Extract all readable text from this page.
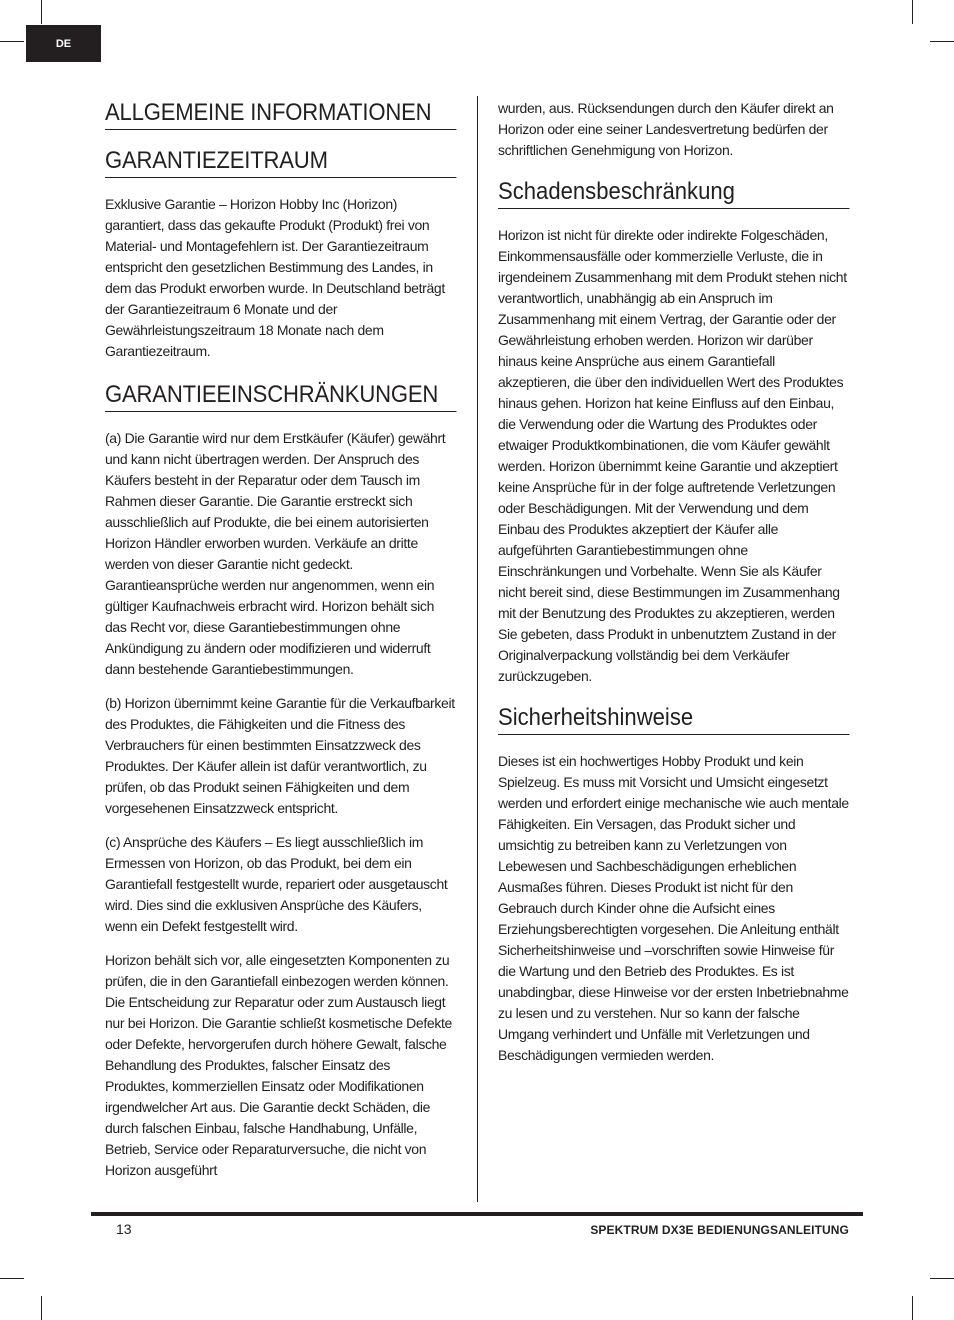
DE
ALLGEMEINE INFORMATIONEN
GARANTIEZEITRAUM

Exklusive Garantie – Horizon Hobby Inc (Horizon) garantiert, dass das gekaufte Produkt (Produkt) frei von Material- und Montagefehlern ist. Der Garantiezeitraum entspricht den gesetzlichen Bestimmung des Landes, in dem das Produkt erworben wurde. In Deutschland beträgt der Garantiezeitraum 6 Monate und der Gewährleistungszeitraum 18 Monate nach dem Garantiezeitraum.

GARANTIEEINSCHRÄNKUNGEN

(a) Die Garantie wird nur dem Erstkäufer (Käufer) gewährt und kann nicht übertragen werden. Der Anspruch des Käufers besteht in der Reparatur oder dem Tausch im Rahmen dieser Garantie. Die Garantie erstreckt sich ausschließlich auf Produkte, die bei einem autorisierten Horizon Händler erworben wurden. Verkäufe an dritte werden von dieser Garantie nicht gedeckt. Garantieansprüche werden nur angenommen, wenn ein gültiger Kaufnachweis erbracht wird. Horizon behält sich das Recht vor, diese Garantiebestimmungen ohne Ankündigung zu ändern oder modifizieren und widerruft dann bestehende Garantiebestimmungen.

(b) Horizon übernimmt keine Garantie für die Verkaufbarkeit des Produktes, die Fähigkeiten und die Fitness des Verbrauchers für einen bestimmten Einsatzzweck des Produktes. Der Käufer allein ist dafür verantwortlich, zu prüfen, ob das Produkt seinen Fähigkeiten und dem vorgesehenen Einsatzzweck entspricht.

(c) Ansprüche des Käufers – Es liegt ausschließlich im Ermessen von Horizon, ob das Produkt, bei dem ein Garantiefall festgestellt wurde, repariert oder ausgetauscht wird. Dies sind die exklusiven Ansprüche des Käufers, wenn ein Defekt festgestellt wird.

Horizon behält sich vor, alle eingesetzten Komponenten zu prüfen, die in den Garantiefall einbezogen werden können. Die Entscheidung zur Reparatur oder zum Austausch liegt nur bei Horizon. Die Garantie schließt kosmetische Defekte oder Defekte, hervorgerufen durch höhere Gewalt, falsche Behandlung des Produktes, falscher Einsatz des Produktes, kommerziellen Einsatz oder Modifikationen irgendwelcher Art aus. Die Garantie deckt Schäden, die durch falschen Einbau, falsche Handhabung, Unfälle, Betrieb, Service oder Reparaturversuche, die nicht von Horizon ausgeführt

wurden, aus. Rücksendungen durch den Käufer direkt an Horizon oder eine seiner Landesvertretung bedürfen der schriftlichen Genehmigung von Horizon.

Schadensbeschränkung

Horizon ist nicht für direkte oder indirekte Folgeschäden, Einkommensausfälle oder kommerzielle Verluste, die in irgendeinem Zusammenhang mit dem Produkt stehen nicht verantwortlich, unabhängig ab ein Anspruch im Zusammenhang mit einem Vertrag, der Garantie oder der Gewährleistung erhoben werden. Horizon wir darüber hinaus keine Ansprüche aus einem Garantiefall akzeptieren, die über den individuellen Wert des Produktes hinaus gehen. Horizon hat keine Einfluss auf den Einbau, die Verwendung oder die Wartung des Produktes oder etwaiger Produktkombinationen, die vom Käufer gewählt werden. Horizon übernimmt keine Garantie und akzeptiert keine Ansprüche für in der folge auftretende Verletzungen oder Beschädigungen. Mit der Verwendung und dem Einbau des Produktes akzeptiert der Käufer alle aufgeführten Garantiebestimmungen ohne Einschränkungen und Vorbehalte. Wenn Sie als Käufer nicht bereit sind, diese Bestimmungen im Zusammenhang mit der Benutzung des Produktes zu akzeptieren, werden Sie gebeten, dass Produkt in unbenutztem Zustand in der Originalverpackung vollständig bei dem Verkäufer zurückzugeben.

Sicherheitshinweise

Dieses ist ein hochwertiges Hobby Produkt und kein Spielzeug. Es muss mit Vorsicht und Umsicht eingesetzt werden und erfordert einige mechanische wie auch mentale Fähigkeiten. Ein Versagen, das Produkt sicher und umsichtig zu betreiben kann zu Verletzungen von Lebewesen und Sachbeschädigungen erheblichen Ausmaßes führen. Dieses Produkt ist nicht für den Gebrauch durch Kinder ohne die Aufsicht eines Erziehungsberechtigten vorgesehen. Die Anleitung enthält Sicherheitshinweise und –vorschriften sowie Hinweise für die Wartung und den Betrieb des Produktes. Es ist unabdingbar, diese Hinweise vor der ersten Inbetriebnahme zu lesen und zu verstehen. Nur so kann der falsche Umgang verhindert und Unfälle mit Verletzungen und Beschädigungen vermieden werden.

13	SPEKTRUM DX3E BEDIENUNGSANLEITUNG
